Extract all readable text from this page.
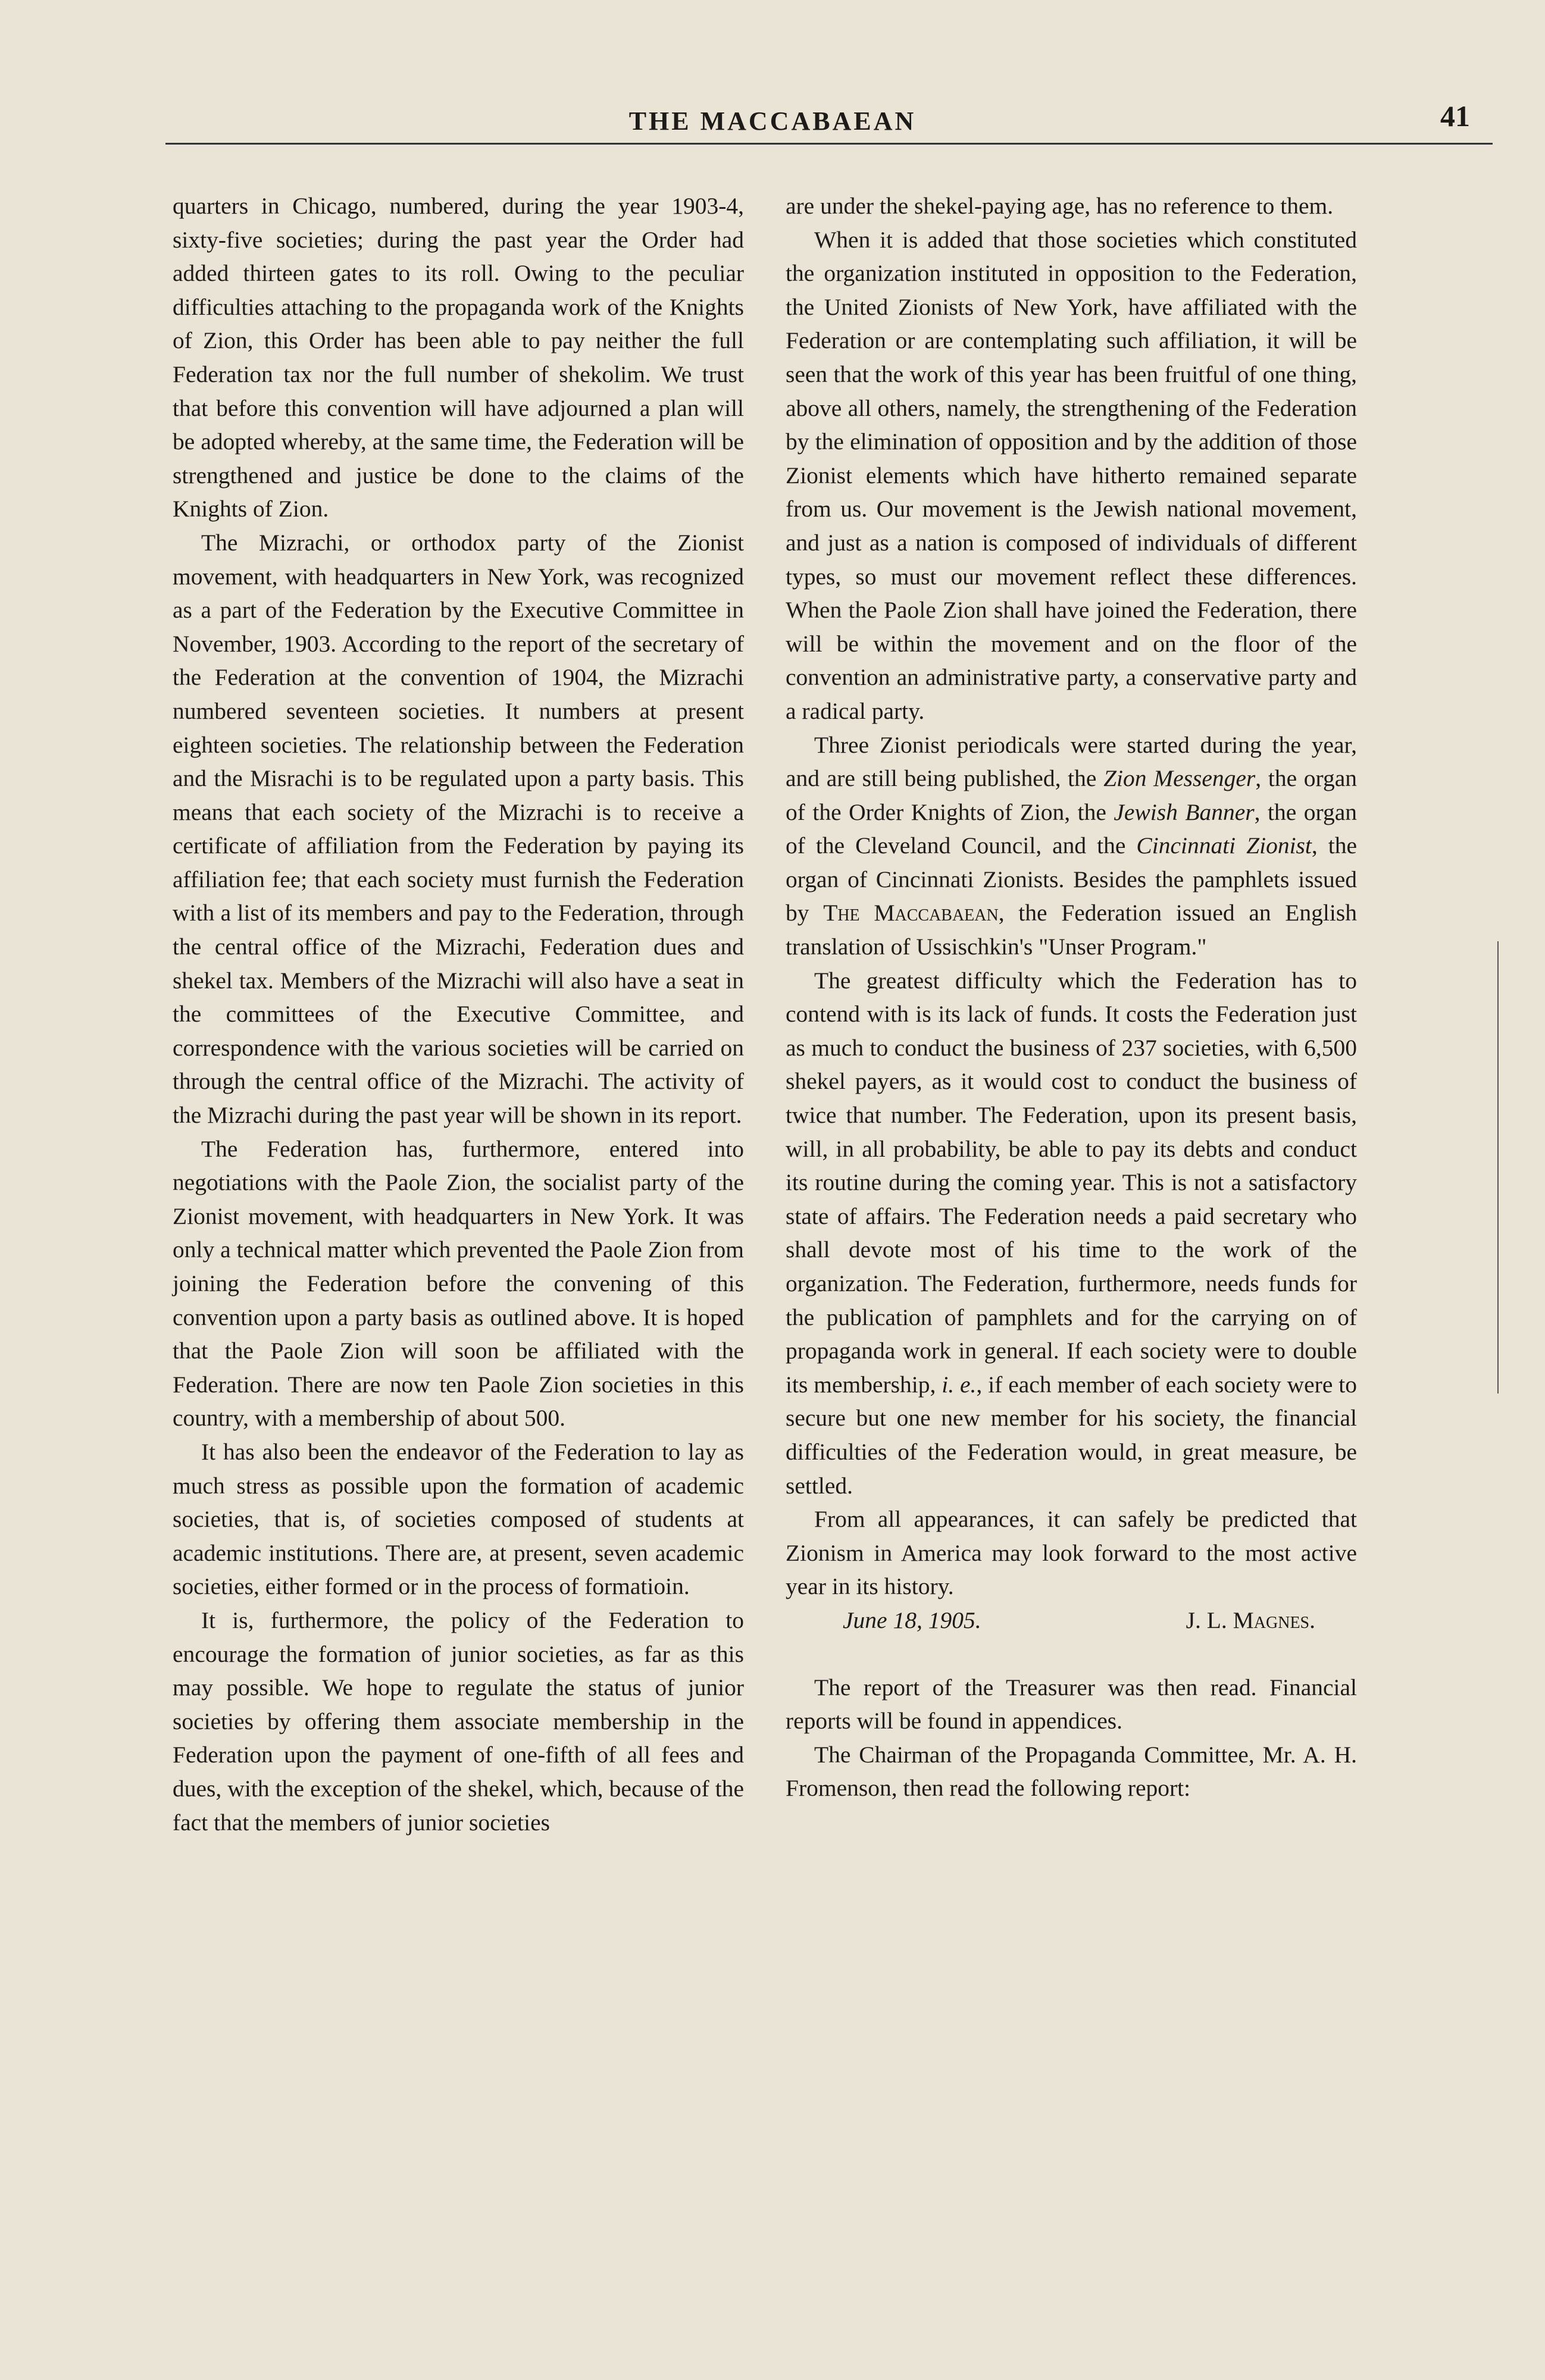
THE MACCABAEAN	41

quarters in Chicago, numbered, during the year 1903-4, sixty-five societies; during the past year the Order had added thirteen gates to its roll. Owing to the peculiar difficulties attaching to the propaganda work of the Knights of Zion, this Order has been able to pay neither the full Federation tax nor the full number of shekolim. We trust that before this convention will have adjourned a plan will be adopted whereby, at the same time, the Federation will be strengthened and justice be done to the claims of the Knights of Zion.

The Mizrachi, or orthodox party of the Zionist movement, with headquarters in New York, was recognized as a part of the Federation by the Executive Committee in November, 1903. According to the report of the secretary of the Federation at the convention of 1904, the Mizrachi numbered seventeen societies. It numbers at present eighteen societies. The relationship between the Federation and the Misrachi is to be regulated upon a party basis. This means that each society of the Mizrachi is to receive a certificate of affiliation from the Federation by paying its affiliation fee; that each society must furnish the Federation with a list of its members and pay to the Federation, through the central office of the Mizrachi, Federation dues and shekel tax. Members of the Mizrachi will also have a seat in the committees of the Executive Committee, and correspondence with the various societies will be carried on through the central office of the Mizrachi. The activity of the Mizrachi during the past year will be shown in its report.

The Federation has, furthermore, entered into negotiations with the Paole Zion, the socialist party of the Zionist movement, with headquarters in New York. It was only a technical matter which prevented the Paole Zion from joining the Federation before the convening of this convention upon a party basis as outlined above. It is hoped that the Paole Zion will soon be affiliated with the Federation. There are now ten Paole Zion societies in this country, with a membership of about 500.

It has also been the endeavor of the Federation to lay as much stress as possible upon the formation of academic societies, that is, of societies composed of students at academic institutions. There are, at present, seven academic societies, either formed or in the process of formatioin.

It is, furthermore, the policy of the Federation to encourage the formation of junior societies, as far as this may possible. We hope to regulate the status of junior societies by offering them associate membership in the Federation upon the payment of one-fifth of all fees and dues, with the exception of the shekel, which, because of the fact that the members of junior societies

are under the shekel-paying age, has no reference to them.

When it is added that those societies which constituted the organization instituted in opposition to the Federation, the United Zionists of New York, have affiliated with the Federation or are contemplating such affiliation, it will be seen that the work of this year has been fruitful of one thing, above all others, namely, the strengthening of the Federation by the elimination of opposition and by the addition of those Zionist elements which have hitherto remained separate from us. Our movement is the Jewish national movement, and just as a nation is composed of individuals of different types, so must our movement reflect these differences. When the Paole Zion shall have joined the Federation, there will be within the movement and on the floor of the convention an administrative party, a conservative party and a radical party.

Three Zionist periodicals were started during the year, and are still being published, the Zion Messenger, the organ of the Order Knights of Zion, the Jewish Banner, the organ of the Cleveland Council, and the Cincinnati Zionist, the organ of Cincinnati Zionists. Besides the pamphlets issued by The Maccabaean, the Federation issued an English translation of Ussischkin's "Unser Program."

The greatest difficulty which the Federation has to contend with is its lack of funds. It costs the Federation just as much to conduct the business of 237 societies, with 6,500 shekel payers, as it would cost to conduct the business of twice that number. The Federation, upon its present basis, will, in all probability, be able to pay its debts and conduct its routine during the coming year. This is not a satisfactory state of affairs. The Federation needs a paid secretary who shall devote most of his time to the work of the organization. The Federation, furthermore, needs funds for the publication of pamphlets and for the carrying on of propaganda work in general. If each society were to double its membership, i. e., if each member of each society were to secure but one new member for his society, the financial difficulties of the Federation would, in great measure, be settled.

From all appearances, it can safely be predicted that Zionism in America may look forward to the most active year in its history.

June 18, 1905.	J. L. Magnes.

The report of the Treasurer was then read. Financial reports will be found in appendices.

The Chairman of the Propaganda Committee, Mr. A. H. Fromenson, then read the following report:
